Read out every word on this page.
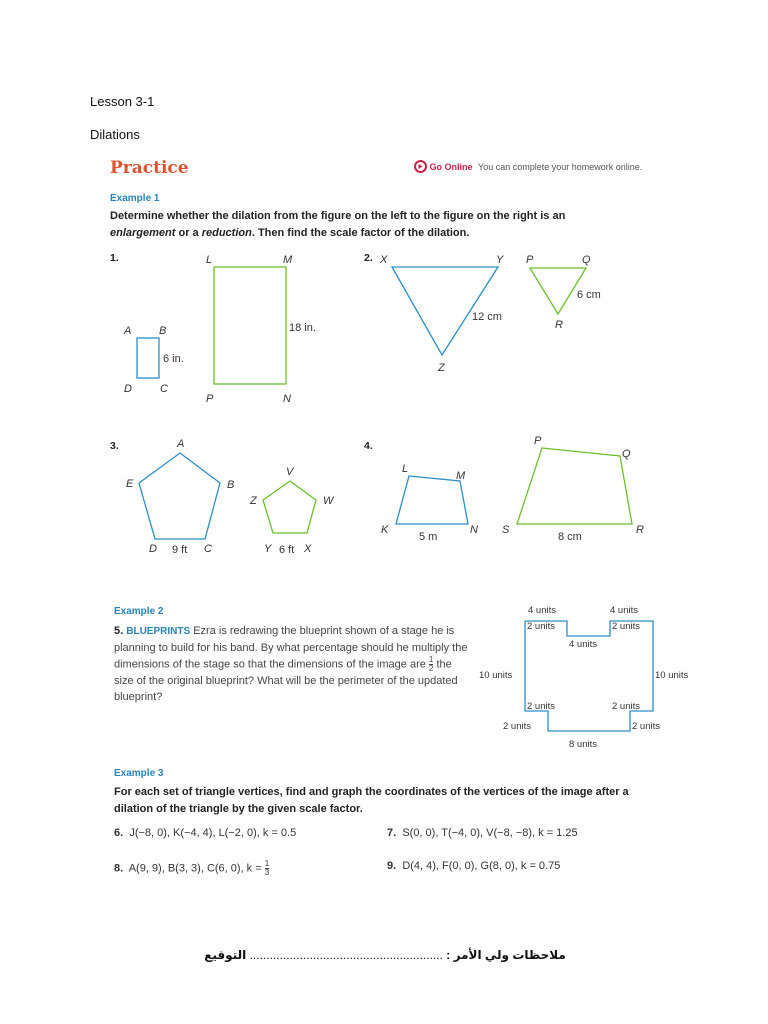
Lesson 3-1
Dilations
Practice	Go Online You can complete your homework online.
Example 1
Determine whether the dilation from the figure on the left to the figure on the right is an enlargement or a reduction. Then find the scale factor of the dilation.
1.
A	B
C
D
6 in.
L	M
N
P
18 in.
2. X	Y
Z
12 cm
P	Q
R
6 cm
3.	A
B
C
D
E
9 ft
V
W
X
Y
Z
6 ft
4.
K
L
M
N
5 m
P
Q
R
S
8 cm
Example 2
5. BLUEPRINTS Ezra is redrawing the blueprint shown of a stage he is planning to build for his band. By what percentage should he multiply the dimensions of the stage so that the dimensions of the image are $\frac{1}{2}$ the size of the original blueprint? What will be the perimeter of the updated blueprint?
4 units	4 units
2 units	2 units
4 units
10 units	10 units
2 units	2 units
2 units	2 units
8 units
Example 3
For each set of triangle vertices, find and graph the coordinates of the vertices of the image after a dilation of the triangle by the given scale factor.
6. J(−8, 0), K(−4, 4), L(−2, 0), k = 0.5	7. S(0, 0), T(−4, 0), V(−8, −8), k = 1.25
8. A(9, 9), B(3, 3), C(6, 0), $k = \frac{1}{3}$	9. D(4, 4), F(0, 0), G(8, 0), k = 0.75
ملاحظات ولي الأمر : .......................................................... التوقيع
